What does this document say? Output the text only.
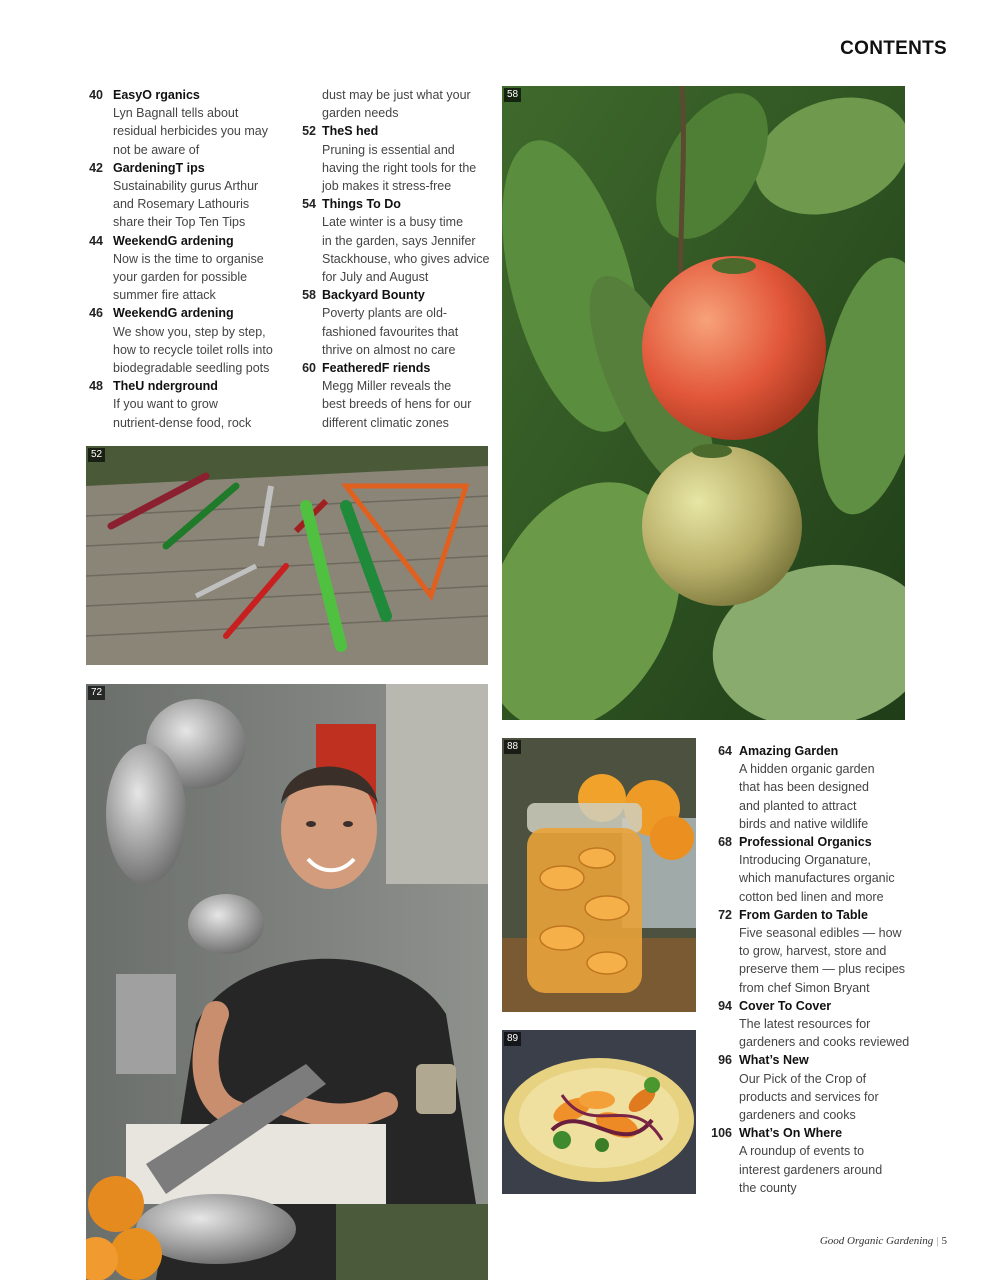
CONTENTS
40 EasyO rganics
Lyn Bagnall tells about
residual herbicides you may
not be aware of
42 GardeningT ips
Sustainability gurus Arthur
and Rosemary Lathouris
share their Top Ten Tips
44 WeekendG ardening
Now is the time to organise
your garden for possible
summer fire attack
46 WeekendG ardening
We show you, step by step,
how to recycle toilet rolls into
biodegradable seedling pots
48 TheU nderground
If you want to grow
nutrient-dense food, rock
dust may be just what your
garden needs
52 TheS hed
Pruning is essential and
having the right tools for the
job makes it stress-free
54 Things To Do
Late winter is a busy time
in the garden, says Jennifer
Stackhouse, who gives advice
for July and August
58 Backyard Bounty
Poverty plants are old-
fashioned favourites that
thrive on almost no care
60 FeatheredF riends
Megg Miller reveals the
best breeds of hens for our
different climatic zones
58
52
72
88
89
64 Amazing Garden
A hidden organic garden
that has been designed
and planted to attract
birds and native wildlife
68 Professional Organics
Introducing Organature,
which manufactures organic
cotton bed linen and more
72 From Garden to Table
Five seasonal edibles — how
to grow, harvest, store and
preserve them — plus recipes
from chef Simon Bryant
94 Cover To Cover
The latest resources for
gardeners and cooks reviewed
96 What’s New
Our Pick of the Crop of
products and services for
gardeners and cooks
106 What’s On Where
A roundup of events to
interest gardeners around
the county
Good Organic Gardening | 5
